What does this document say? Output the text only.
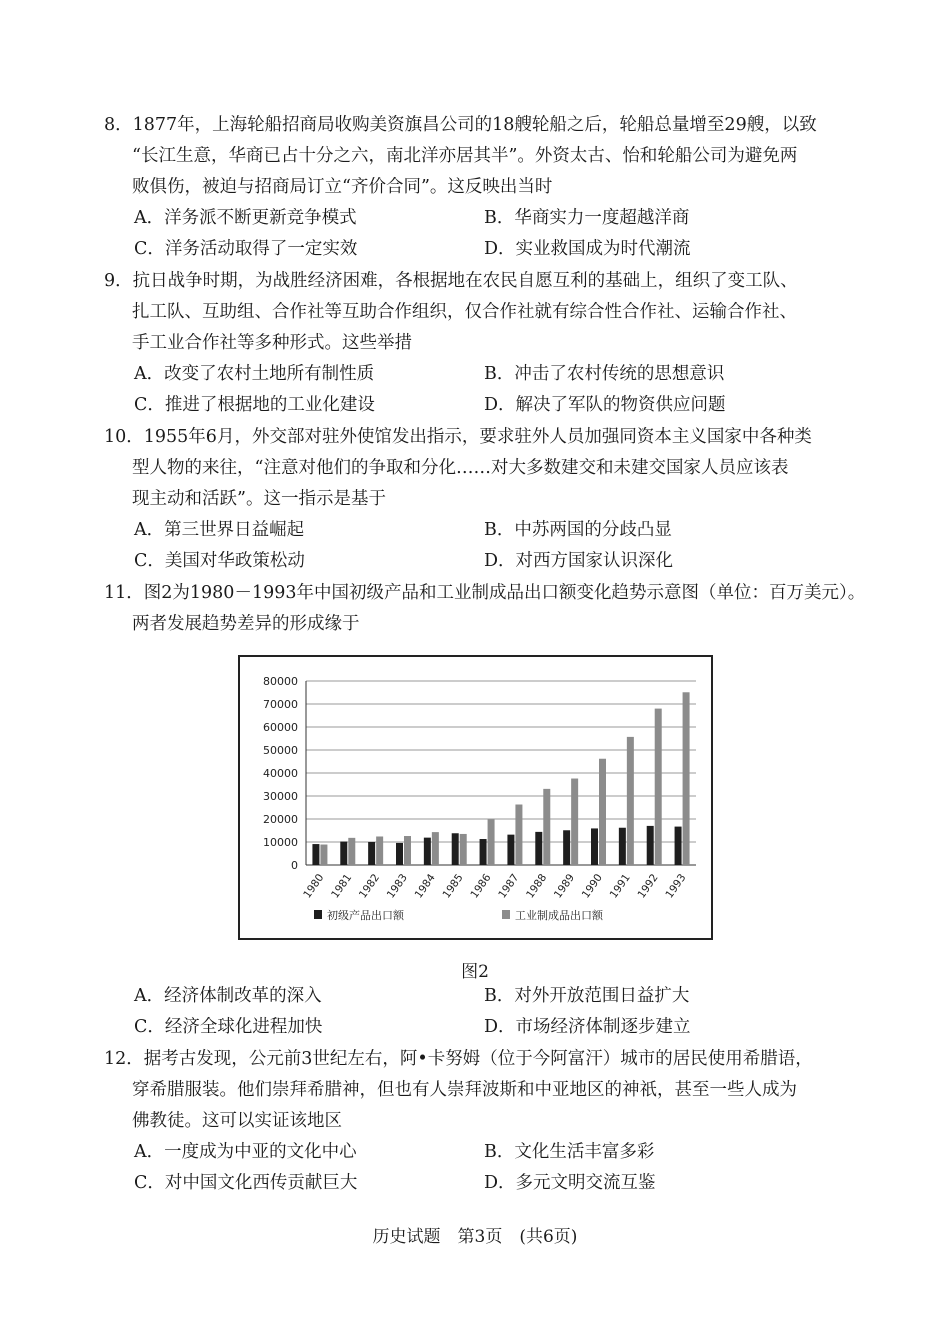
8．1877年，上海轮船招商局收购美资旗昌公司的18艘轮船之后，轮船总量增至29艘，以致
“长江生意，华商已占十分之六，南北洋亦居其半”。外资太古、怡和轮船公司为避免两
败俱伤，被迫与招商局订立“齐价合同”。这反映出当时
A．洋务派不断更新竞争模式	B．华商实力一度超越洋商
C．洋务活动取得了一定实效	D．实业救国成为时代潮流
9．抗日战争时期，为战胜经济困难，各根据地在农民自愿互利的基础上，组织了变工队、
扎工队、互助组、合作社等互助合作组织，仅合作社就有综合性合作社、运输合作社、
手工业合作社等多种形式。这些举措
A．改变了农村土地所有制性质	B．冲击了农村传统的思想意识
C．推进了根据地的工业化建设	D．解决了军队的物资供应问题
10．1955年6月，外交部对驻外使馆发出指示，要求驻外人员加强同资本主义国家中各种类
型人物的来往，“注意对他们的争取和分化……对大多数建交和未建交国家人员应该表
现主动和活跃”。这一指示是基于
A．第三世界日益崛起	B．中苏两国的分歧凸显
C．美国对华政策松动	D．对西方国家认识深化
11．图2为1980－1993年中国初级产品和工业制成品出口额变化趋势示意图（单位：百万美元）。
两者发展趋势差异的形成缘于
0
10000
20000
30000
40000
50000
60000
70000
80000
1980 1981 1982 1983 1984 1985 1986 1987 1988 1989 1990 1991 1992 1993
初级产品出口额	工业制成品出口额
图2
A．经济体制改革的深入	B．对外开放范围日益扩大
C．经济全球化进程加快	D．市场经济体制逐步建立
12．据考古发现，公元前3世纪左右，阿•卡努姆（位于今阿富汗）城市的居民使用希腊语，
穿希腊服装。他们崇拜希腊神，但也有人崇拜波斯和中亚地区的神祇，甚至一些人成为
佛教徒。这可以实证该地区
A．一度成为中亚的文化中心	B．文化生活丰富多彩
C．对中国文化西传贡献巨大	D．多元文明交流互鉴
历史试题　第3页　(共6页)
